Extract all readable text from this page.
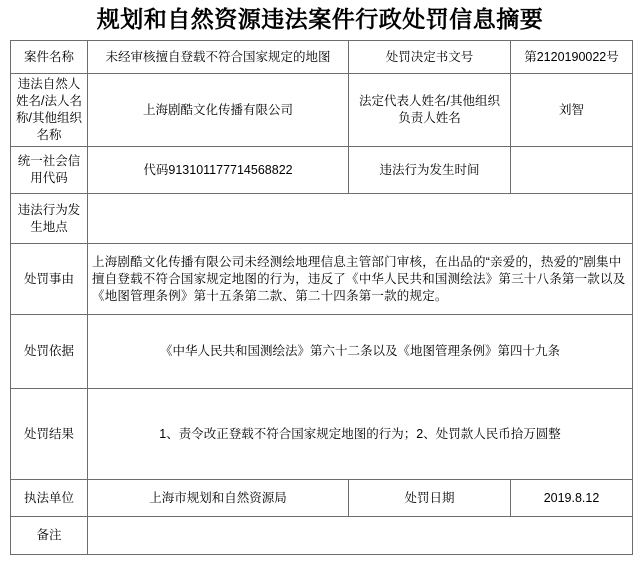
规划和自然资源违法案件行政处罚信息摘要
案件名称	未经审核擅自登载不符合国家规定的地图	处罚决定书文号	第2120190022号
违法自然人姓名/法人名称/其他组织名称	上海剧酷文化传播有限公司	法定代表人姓名/其他组织负责人姓名	刘智
统一社会信用代码	代码913101177714568822	违法行为发生时间	
违法行为发生地点			
处罚事由	上海剧酷文化传播有限公司未经测绘地理信息主管部门审核，在出品的“亲爱的，热爱的”剧集中擅自登载不符合国家规定地图的行为，违反了《中华人民共和国测绘法》第三十八条第一款以及《地图管理条例》第十五条第二款、第二十四条第一款的规定。		
处罚依据	《中华人民共和国测绘法》第六十二条以及《地图管理条例》第四十九条		
处罚结果	1、责令改正登载不符合国家规定地图的行为；2、处罚款人民币拾万圆整		
执法单位	上海市规划和自然资源局	处罚日期	2019.8.12
备注			
